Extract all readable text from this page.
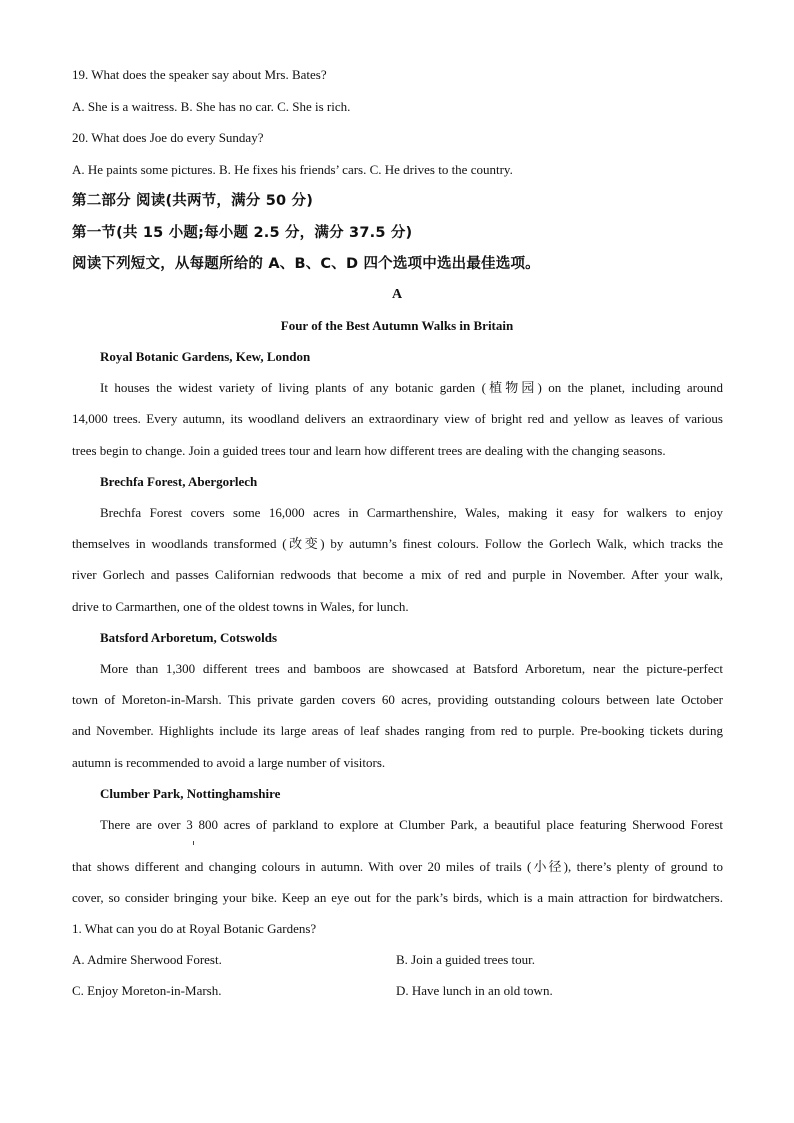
19. What does the speaker say about Mrs. Bates?
A. She is a waitress. B. She has no car. C. She is rich.
20. What does Joe do every Sunday?
A. He paints some pictures. B. He fixes his friends’ cars. C. He drives to the country.
第二部分 阅读(共两节，满分 50 分)
第一节(共 15 小题;每小题 2.5 分，满分 37.5 分)
阅读下列短文，从每题所给的 A、B、C、D 四个选项中选出最佳选项。
A
Four of the Best Autumn Walks in Britain
Royal Botanic Gardens, Kew, London
It houses the widest variety of living plants of any botanic garden (植物园) on the planet, including around
14,000 trees. Every autumn, its woodland delivers an extraordinary view of bright red and yellow as leaves of various
trees begin to change. Join a guided trees tour and learn how different trees are dealing with the changing seasons.
Brechfa Forest, Abergorlech
Brechfa Forest covers some 16,000 acres in Carmarthenshire, Wales, making it easy for walkers to enjoy
themselves in woodlands transformed (改变) by autumn’s finest colours. Follow the Gorlech Walk, which tracks the
river Gorlech and passes Californian redwoods that become a mix of red and purple in November. After your walk,
drive to Carmarthen, one of the oldest towns in Wales, for lunch.
Batsford Arboretum, Cotswolds
More than 1,300 different trees and bamboos are showcased at Batsford Arboretum, near the picture-perfect
town of Moreton-in-Marsh. This private garden covers 60 acres, providing outstanding colours between late October
and November. Highlights include its large areas of leaf shades ranging from red to purple. Pre-booking tickets during
autumn is recommended to avoid a large number of visitors.
Clumber Park, Nottinghamshire
There are over 3 800 acres of parkland to explore at Clumber Park, a beautiful place featuring Sherwood Forest
that shows different and changing colours in autumn. With over 20 miles of trails (小径), there’s plenty of ground to
cover, so consider bringing your bike. Keep an eye out for the park’s birds, which is a main attraction for birdwatchers.
1. What can you do at Royal Botanic Gardens?
A. Admire Sherwood Forest.	B. Join a guided trees tour.
C. Enjoy Moreton-in-Marsh.	D. Have lunch in an old town.
